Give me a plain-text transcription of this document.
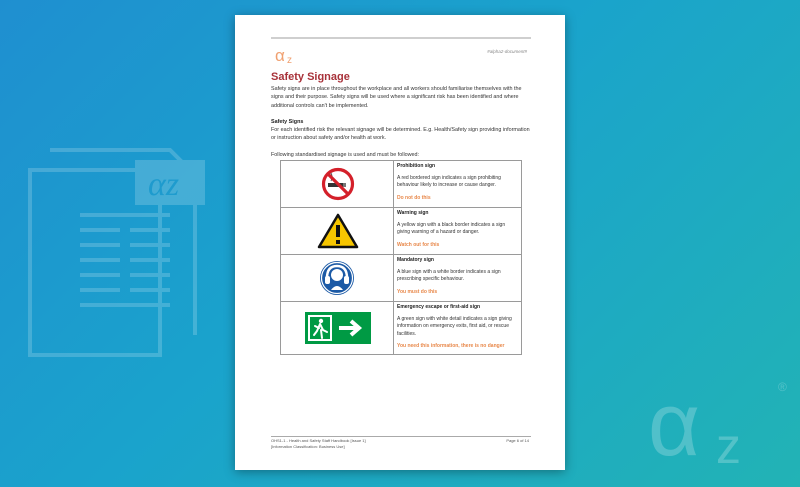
αz
α z
®
α z
#alpha2-document#
Safety Signage
Safety signs are in place throughout the workplace and all workers should familiarise themselves with the signs and their purpose. Safety signs will be used where a significant risk has been identified and where additional controls can't be implemented.
Safety Signs
For each identified risk the relevant signage will be determined. E.g. Health/Safety sign providing information or instruction about safety and/or health at work.
Following standardised signage is used and must be followed:

Prohibition sign
A red bordered sign indicates a sign prohibiting behaviour likely to increase or cause danger.
Do not do this

Warning sign
A yellow sign with a black border indicates a sign giving warning of a hazard or danger.
Watch out for this

Mandatory sign
A blue sign with a white border indicates a sign prescribing specific behaviour.
You must do this

Emergency escape or first-aid sign
A green sign with white detail indicates a sign giving information on emergency exits, first aid, or rescue facilities.
You need this information, there is no danger
OHS1-1 - Health and Safety Staff Handbook [Issue 1]
[Information Classification: Business Use]
Page 6 of 14
